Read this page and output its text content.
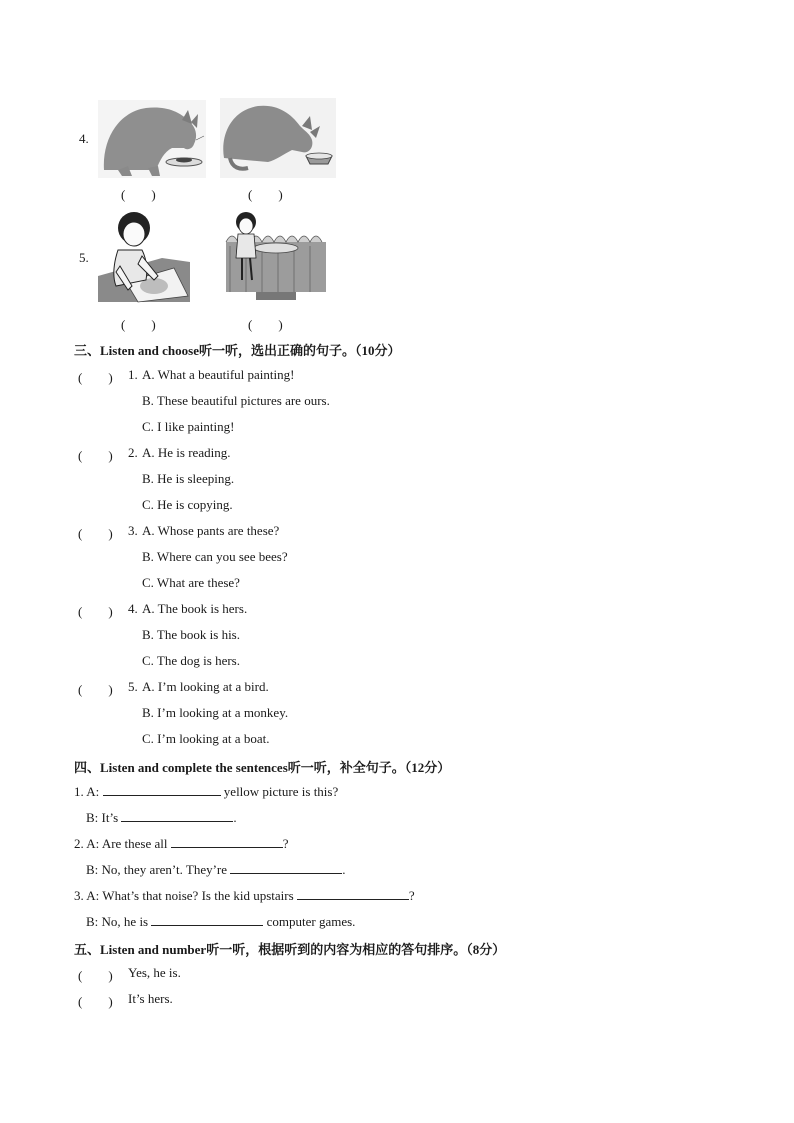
4.
(　　)	(　　)
5.
(　　)	(　　)
三、Listen and choose听一听，选出正确的句子。（10分）
(　　) 1. A. What a beautiful painting!
B. These beautiful pictures are ours.
C. I like painting!
(　　) 2. A. He is reading.
B. He is sleeping.
C. He is copying.
(　　) 3. A. Whose pants are these?
B. Where can you see bees?
C. What are these?
(　　) 4. A. The book is hers.
B. The book is his.
C. The dog is hers.
(　　) 5. A. I’m looking at a bird.
B. I’m looking at a monkey.
C. I’m looking at a boat.
四、Listen and complete the sentences听一听，补全句子。（12分）
1. A:	yellow picture is this?
B: It’s	.
2. A: Are these all	?
B: No, they aren’t. They’re	.
3. A: What’s that noise? Is the kid upstairs	?
B: No, he is	computer games.
五、Listen and number听一听，根据听到的内容为相应的答句排序。（8分）
(　　) Yes, he is.
(　　) It’s hers.
